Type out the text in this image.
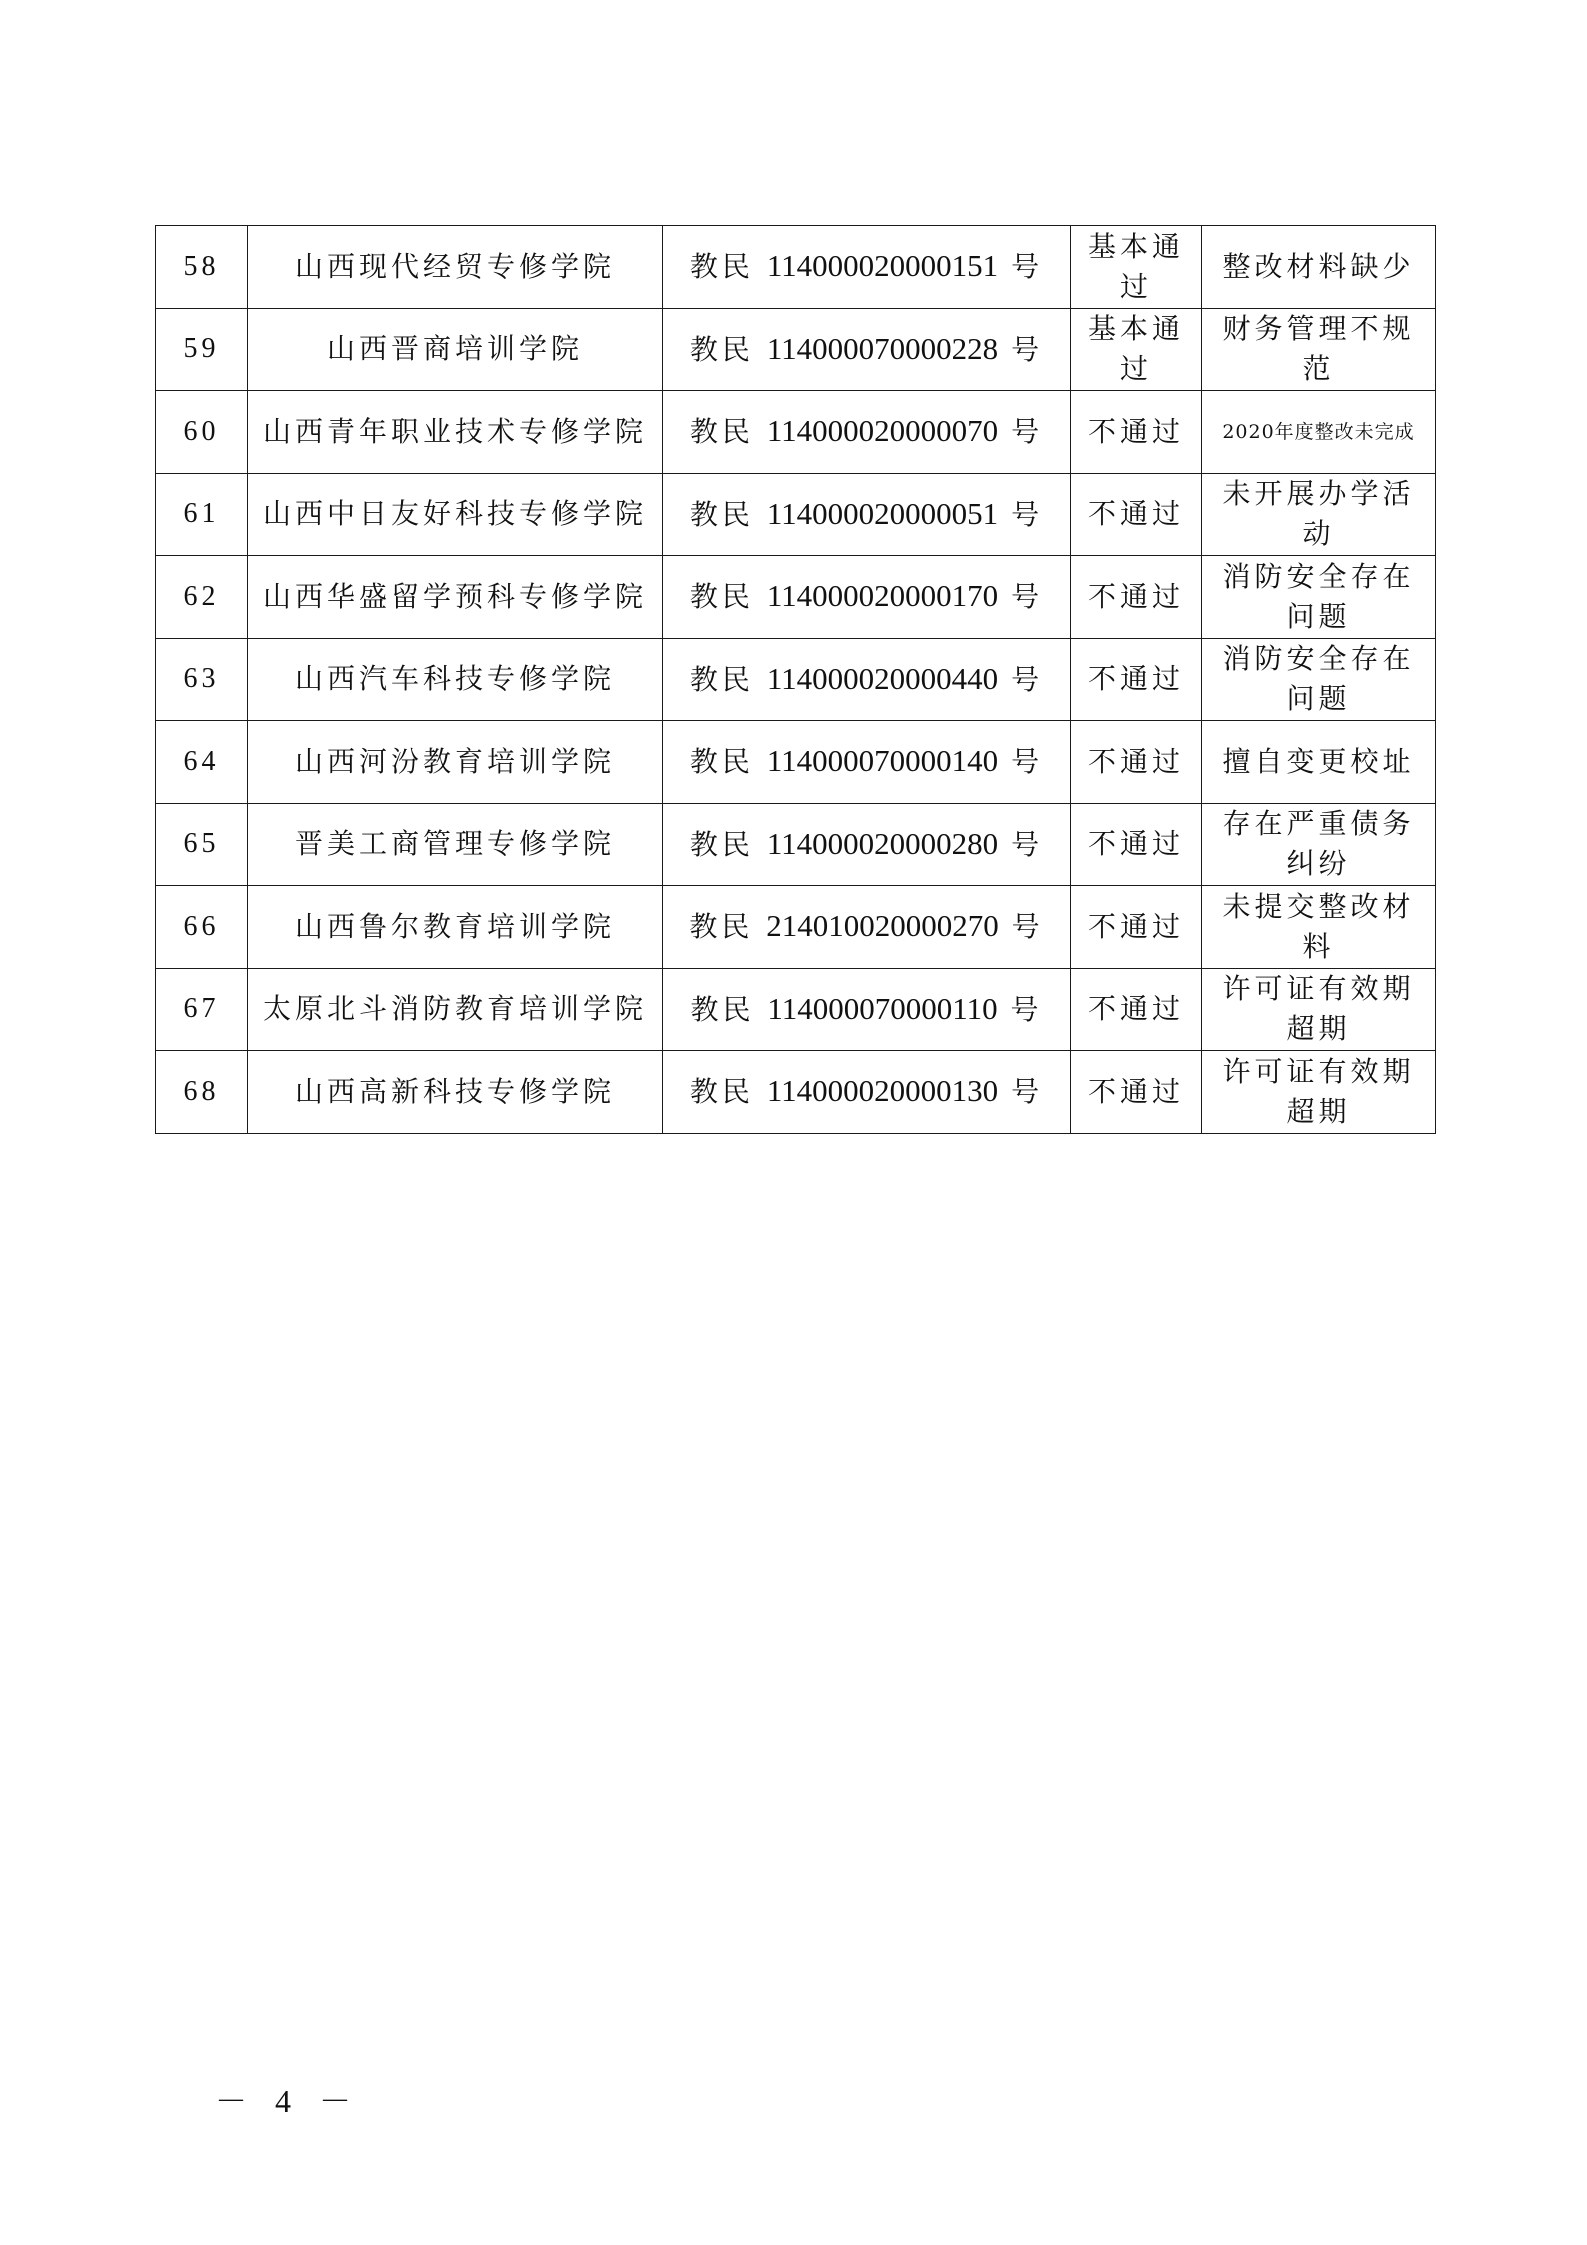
58	山西现代经贸专修学院	教民 114000020000151 号	基本通过	整改材料缺少
59	山西晋商培训学院	教民 114000070000228 号	基本通过	财务管理不规范
60	山西青年职业技术专修学院	教民 114000020000070 号	不通过	2020年度整改未完成
61	山西中日友好科技专修学院	教民 114000020000051 号	不通过	未开展办学活动
62	山西华盛留学预科专修学院	教民 114000020000170 号	不通过	消防安全存在问题
63	山西汽车科技专修学院	教民 114000020000440 号	不通过	消防安全存在问题
64	山西河汾教育培训学院	教民 114000070000140 号	不通过	擅自变更校址
65	晋美工商管理专修学院	教民 114000020000280 号	不通过	存在严重债务纠纷
66	山西鲁尔教育培训学院	教民 214010020000270 号	不通过	未提交整改材料
67	太原北斗消防教育培训学院	教民 114000070000110 号	不通过	许可证有效期超期
68	山西高新科技专修学院	教民 114000020000130 号	不通过	许可证有效期超期
－ 4 －
